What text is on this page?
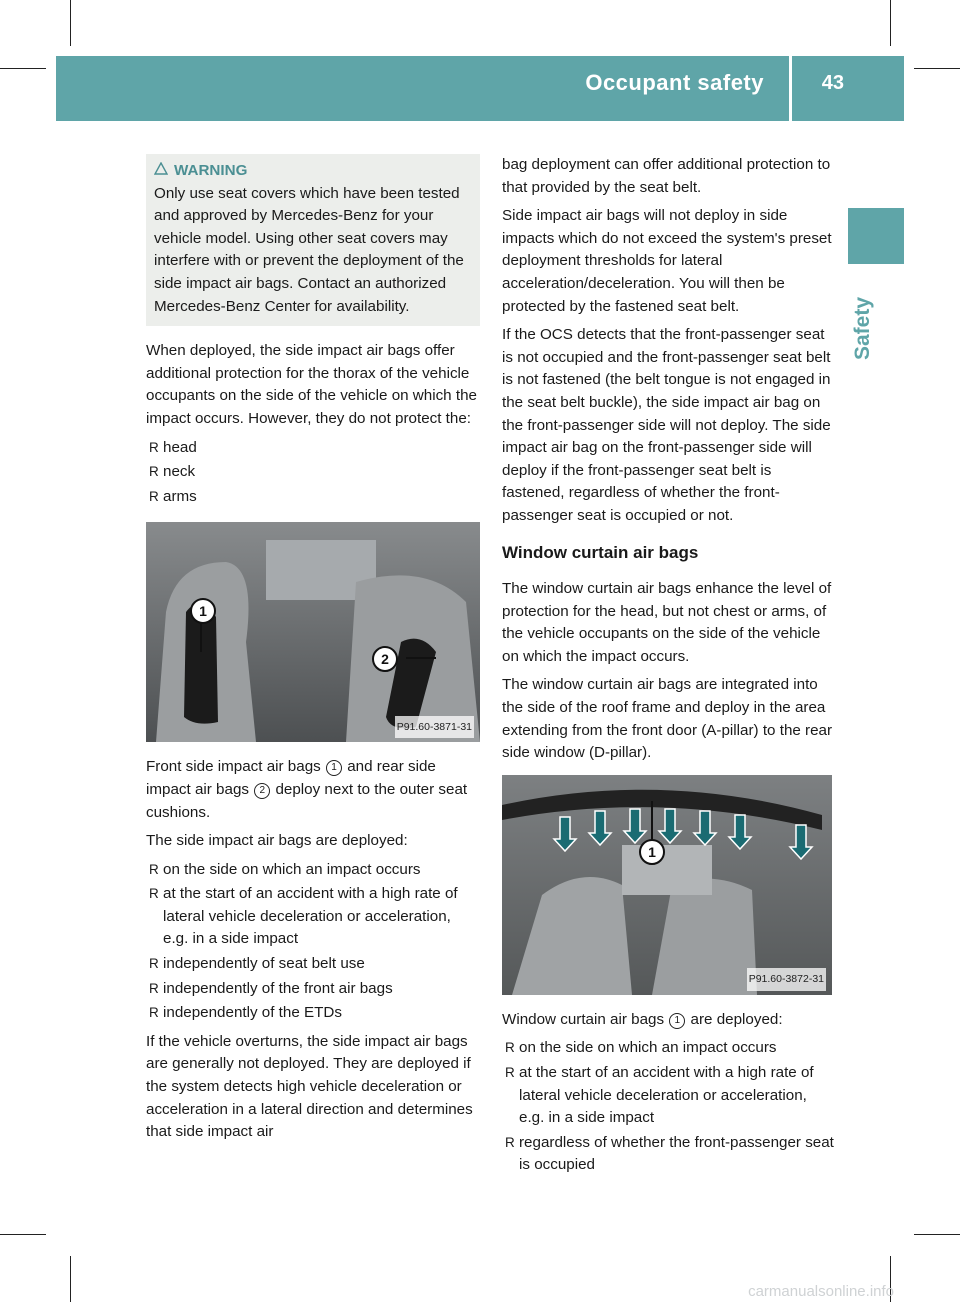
Occupant safety	43
Safety
WARNING
Only use seat covers which have been tested and approved by Mercedes-Benz for your vehicle model. Using other seat covers may interfere with or prevent the deployment of the side impact air bags. Contact an authorized Mercedes-Benz Center for availability.

When deployed, the side impact air bags offer additional protection for the thorax of the vehicle occupants on the side of the vehicle on which the impact occurs. However, they do not protect the:

R head
R neck
R arms
1
2
P91.60-3871-31

Front side impact air bags 1 and rear side impact air bags 2 deploy next to the outer seat cushions.

The side impact air bags are deployed:

R on the side on which an impact occurs
R at the start of an accident with a high rate of lateral vehicle deceleration or acceleration, e.g. in a side impact
R independently of seat belt use
R independently of the front air bags
R independently of the ETDs

If the vehicle overturns, the side impact air bags are generally not deployed. They are deployed if the system detects high vehicle deceleration or acceleration in a lateral direction and determines that side impact air

bag deployment can offer additional protection to that provided by the seat belt.

Side impact air bags will not deploy in side impacts which do not exceed the system's preset deployment thresholds for lateral acceleration/deceleration. You will then be protected by the fastened seat belt.

If the OCS detects that the front-passenger seat is not occupied and the front-passenger seat belt is not fastened (the belt tongue is not engaged in the seat belt buckle), the side impact air bag on the front-passenger side will not deploy. The side impact air bag on the front-passenger side will deploy if the front-passenger seat belt is fastened, regardless of whether the front-passenger seat is occupied or not.

Window curtain air bags

The window curtain air bags enhance the level of protection for the head, but not chest or arms, of the vehicle occupants on the side of the vehicle on which the impact occurs.

The window curtain air bags are integrated into the side of the roof frame and deploy in the area extending from the front door (A-pillar) to the rear side window (D-pillar).

1
P91.60-3872-31

Window curtain air bags 1 are deployed:

R on the side on which an impact occurs
R at the start of an accident with a high rate of lateral vehicle deceleration or acceleration, e.g. in a side impact
R regardless of whether the front-passenger seat is occupied
carmanualsonline.info
